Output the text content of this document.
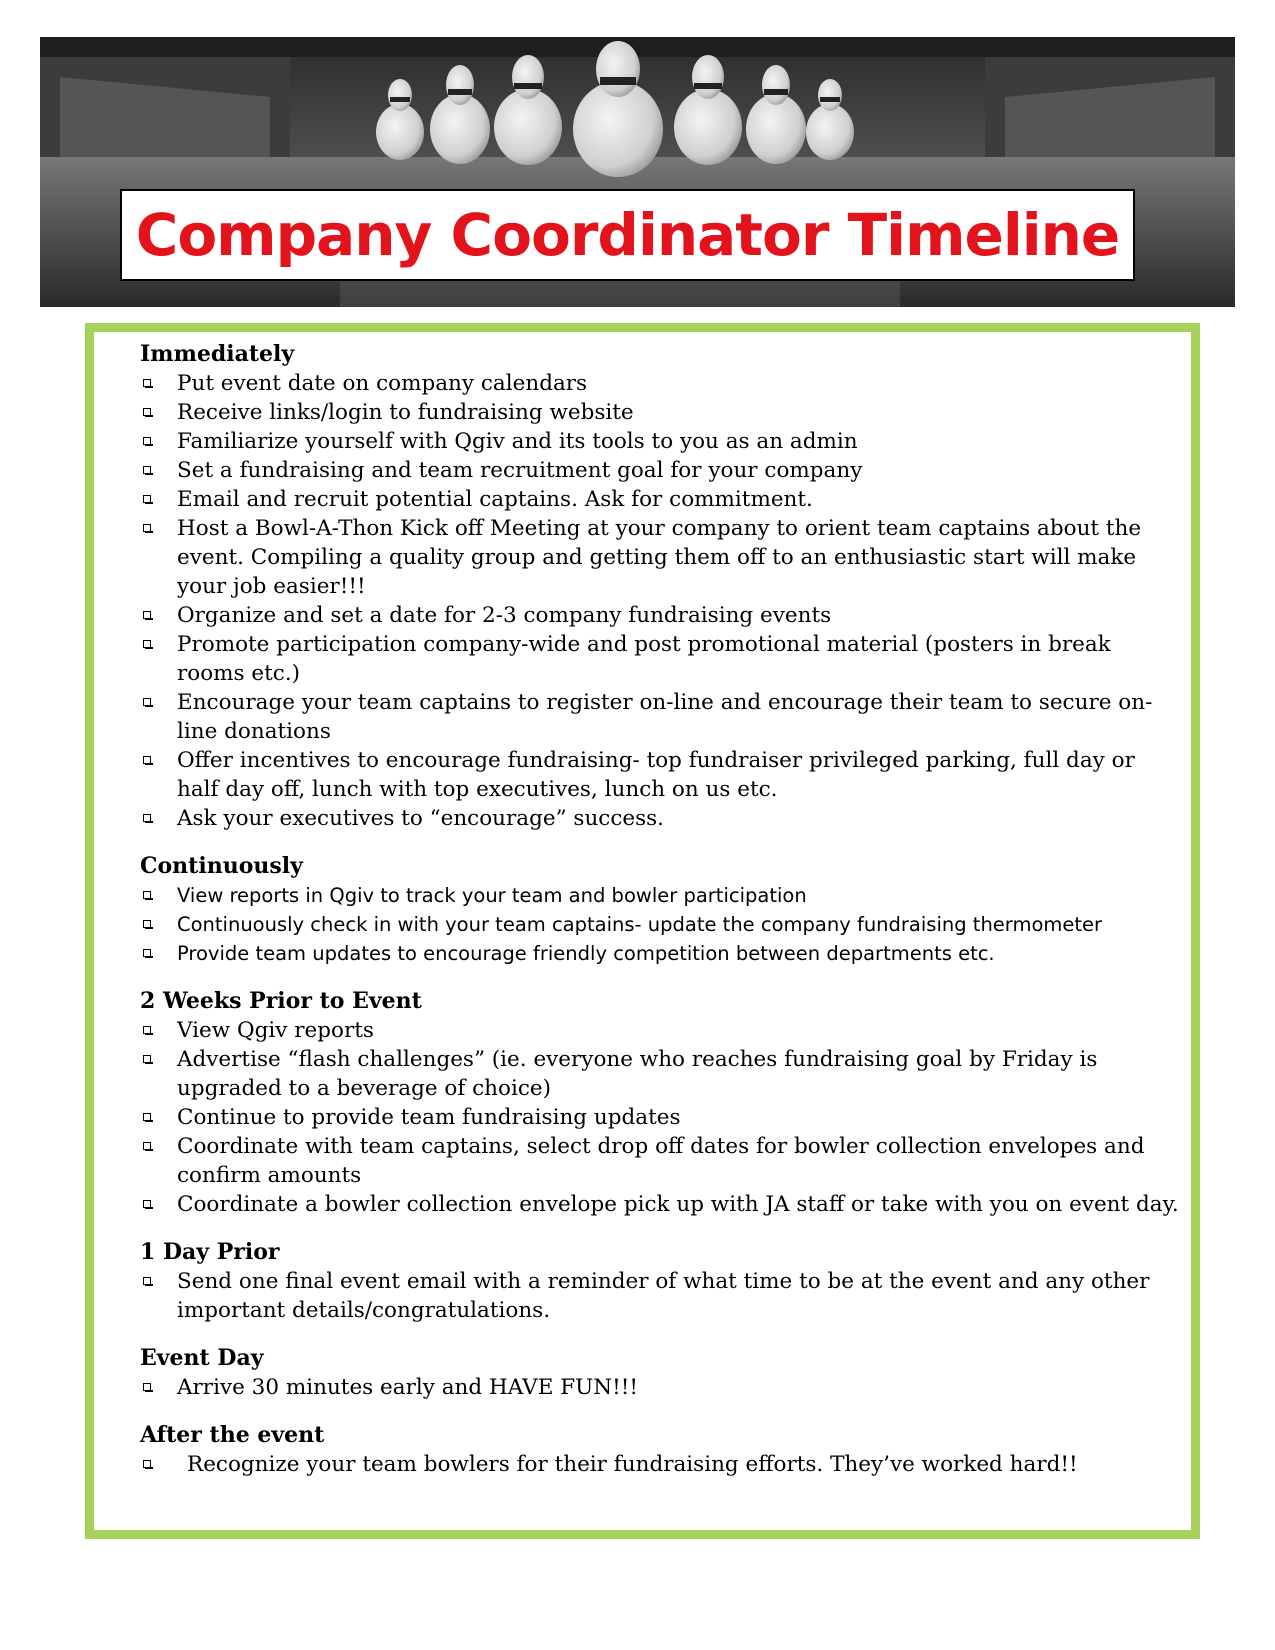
Company Coordinator Timeline
Immediately
Put event date on company calendars
Receive links/login to fundraising website
Familiarize yourself with Qgiv and its tools to you as an admin
Set a fundraising and team recruitment goal for your company
Email and recruit potential captains. Ask for commitment.
Host a Bowl-A-Thon Kick off Meeting at your company to orient team captains about the event. Compiling a quality group and getting them off to an enthusiastic start will make your job easier!!!
Organize and set a date for 2-3 company fundraising events
Promote participation company-wide and post promotional material (posters in break rooms etc.)
Encourage your team captains to register on-line and encourage their team to secure on-line donations
Offer incentives to encourage fundraising- top fundraiser privileged parking, full day or half day off, lunch with top executives, lunch on us etc.
Ask your executives to “encourage” success.
Continuously
View reports in Qgiv to track your team and bowler participation
Continuously check in with your team captains- update the company fundraising thermometer
Provide team updates to encourage friendly competition between departments etc.
2 Weeks Prior to Event
View Qgiv reports
Advertise “flash challenges” (ie. everyone who reaches fundraising goal by Friday is upgraded to a beverage of choice)
Continue to provide team fundraising updates
Coordinate with team captains, select drop off dates for bowler collection envelopes and confirm amounts
Coordinate a bowler collection envelope pick up with JA staff or take with you on event day.
1 Day Prior
Send one final event email with a reminder of what time to be at the event and any other important details/congratulations.
Event Day
Arrive 30 minutes early and HAVE FUN!!!
After the event
Recognize your team bowlers for their fundraising efforts. They’ve worked hard!!
